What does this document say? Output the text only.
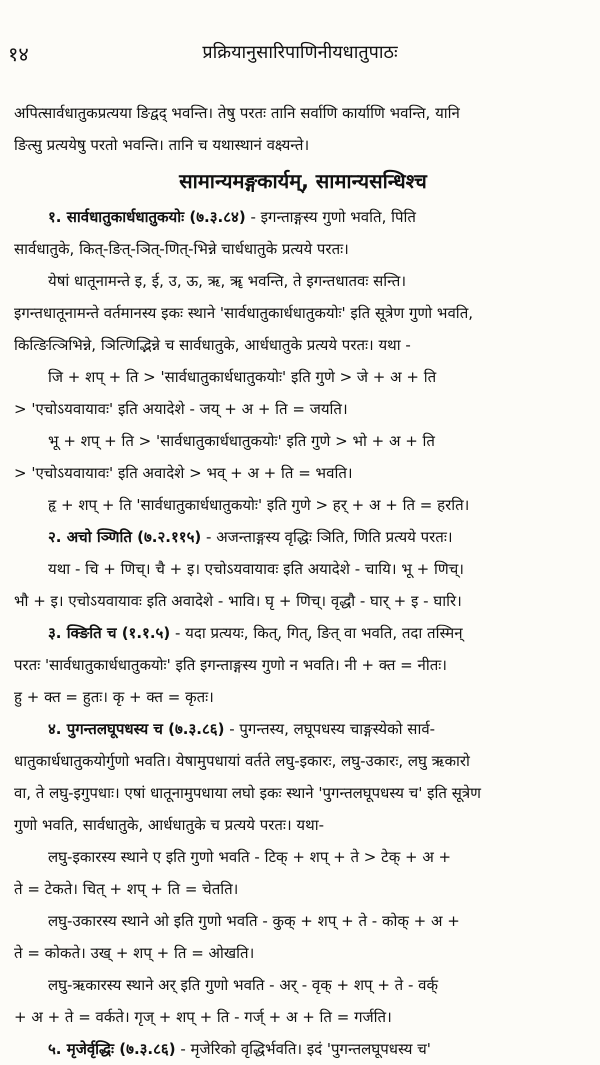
१४	प्रक्रियानुसारिपाणिनीयधातुपाठः
अपित्सार्वधातुकप्रत्यया ङिद्वद् भवन्ति। तेषु परतः तानि सर्वाणि कार्याणि भवन्ति, यानि
ङित्सु प्रत्ययेषु परतो भवन्ति। तानि च यथास्थानं वक्ष्यन्ते।
सामान्यमङ्गकार्यम्, सामान्यसन्धिश्च
१. सार्वधातुकार्धधातुकयोः (७.३.८४) - इगन्ताङ्गस्य गुणो भवति, पिति
सार्वधातुके, कित्-ङित्-ञित्-णित्-भिन्ने चार्धधातुके प्रत्यये परतः।
येषां धातूनामन्ते इ, ई, उ, ऊ, ऋ, ॠ भवन्ति, ते इगन्तधातवः सन्ति।
इगन्तधातूनामन्ते वर्तमानस्य इकः स्थाने 'सार्वधातुकार्धधातुकयोः' इति सूत्रेण गुणो भवति,
कित्ङित्ञिभिन्ने, ञित्णिद्भिन्ने च सार्वधातुके, आर्धधातुके प्रत्यये परतः। यथा -
जि + शप् + ति > 'सार्वधातुकार्धधातुकयोः' इति गुणे > जे + अ + ति
> 'एचोऽयवायावः' इति अयादेशे - जय् + अ + ति = जयति।
भू + शप् + ति > 'सार्वधातुकार्धधातुकयोः' इति गुणे > भो + अ + ति
> 'एचोऽयवायावः' इति अवादेशे > भव् + अ + ति = भवति।
हृ + शप् + ति 'सार्वधातुकार्धधातुकयोः' इति गुणे > हर् + अ + ति = हरति।
२. अचो ञ्णिति (७.२.११५) - अजन्ताङ्गस्य वृद्धिः ञिति, णिति प्रत्यये परतः।
यथा - चि + णिच्। चै + इ। एचोऽयवायावः इति अयादेशे - चायि। भू + णिच्।
भौ + इ। एचोऽयवायावः इति अवादेशे - भावि। घृ + णिच्। वृद्धौ - घार् + इ - घारि।
३. क्ङिति च (१.१.५) - यदा प्रत्ययः, कित्, गित्, ङित् वा भवति, तदा तस्मिन्
परतः 'सार्वधातुकार्धधातुकयोः' इति इगन्ताङ्गस्य गुणो न भवति। नी + क्त = नीतः।
हु + क्त = हुतः। कृ + क्त = कृतः।
४. पुगन्तलघूपधस्य च (७.३.८६) - पुगन्तस्य, लघूपधस्य चाङ्गस्येको सार्व-
धातुकार्धधातुकयोर्गुणो भवति। येषामुपधायां वर्तते लघु-इकारः, लघु-उकारः, लघु ऋकारो
वा, ते लघु-इगुपधाः। एषां धातूनामुपधाया लघो इकः स्थाने 'पुगन्तलघूपधस्य च' इति सूत्रेण
गुणो भवति, सार्वधातुके, आर्धधातुके च प्रत्यये परतः। यथा-
लघु-इकारस्य स्थाने ए इति गुणो भवति - टिक् + शप् + ते > टेक् + अ +
ते = टेकते। चित् + शप् + ति = चेतति।
लघु-उकारस्य स्थाने ओ इति गुणो भवति - कुक् + शप् + ते - कोक् + अ +
ते = कोकते। उख् + शप् + ति = ओखति।
लघु-ऋकारस्य स्थाने अर् इति गुणो भवति - अर् - वृक् + शप् + ते - वर्क्
+ अ + ते = वर्कते। गृज् + शप् + ति - गर्ज् + अ + ति = गर्जति।
५. मृजेर्वृद्धिः (७.३.८६) - मृजेरिको वृद्धिर्भवति। इदं 'पुगन्तलघूपधस्य च'
